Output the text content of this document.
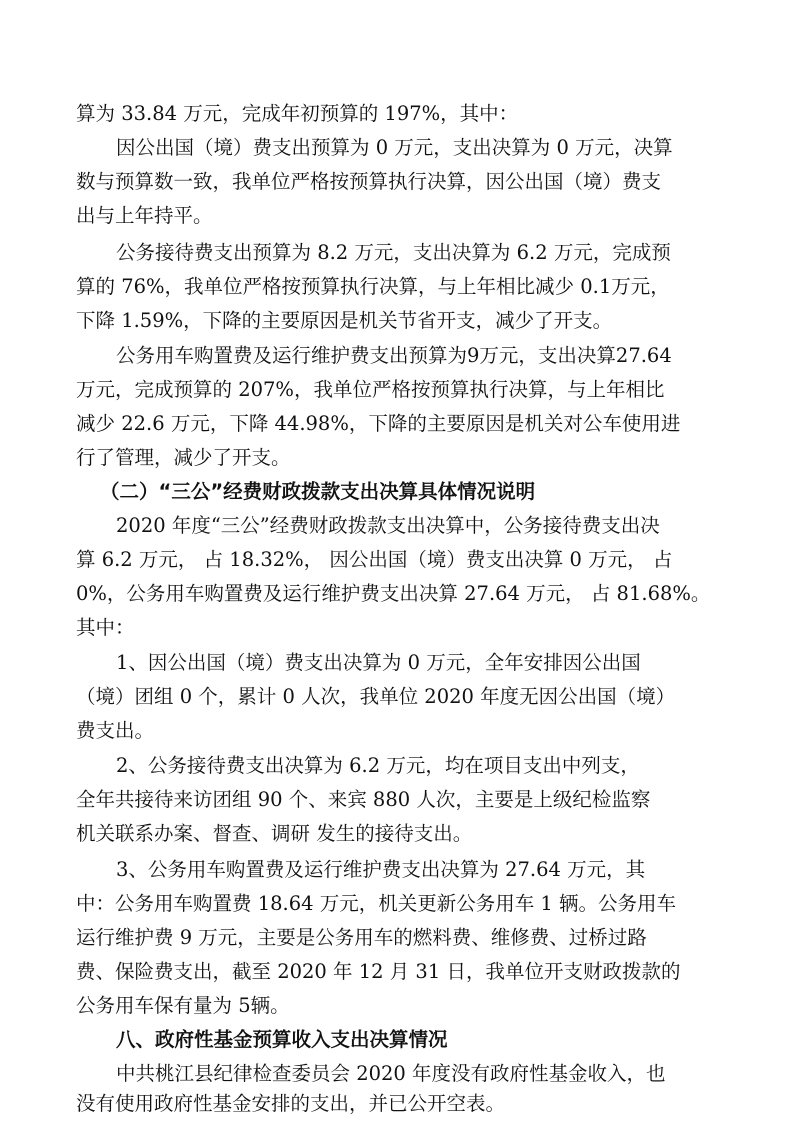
算为 33.84 万元，完成年初预算的 197%，其中：
因公出国（境）费支出预算为 0 万元，支出决算为 0 万元，决算
数与预算数一致，我单位严格按预算执行决算，因公出国（境）费支
出与上年持平。
公务接待费支出预算为 8.2 万元，支出决算为 6.2 万元，完成预
算的 76%，我单位严格按预算执行决算，与上年相比减少 0.1万元，
下降 1.59%，下降的主要原因是机关节省开支，减少了开支。
公务用车购置费及运行维护费支出预算为9万元，支出决算27.64
万元，完成预算的 207%，我单位严格按预算执行决算，与上年相比
减少 22.6 万元，下降 44.98%，下降的主要原因是机关对公车使用进
行了管理，减少了开支。
（二）“三公”经费财政拨款支出决算具体情况说明
2020 年度“三公”经费财政拨款支出决算中，公务接待费支出决
算 6.2 万元， 占 18.32%， 因公出国（境）费支出决算 0 万元， 占
0%，公务用车购置费及运行维护费支出决算 27.64 万元， 占 81.68%。
其中：
1、因公出国（境）费支出决算为 0 万元，全年安排因公出国
（境）团组 0 个，累计 0 人次，我单位 2020 年度无因公出国（境）
费支出。
2、公务接待费支出决算为 6.2 万元，均在项目支出中列支，
全年共接待来访团组 90 个、来宾 880 人次，主要是上级纪检监察
机关联系办案、督查、调研 发生的接待支出。
3、公务用车购置费及运行维护费支出决算为 27.64 万元，其
中：公务用车购置费 18.64 万元，机关更新公务用车 1 辆。公务用车
运行维护费 9 万元，主要是公务用车的燃料费、维修费、过桥过路
费、保险费支出，截至 2020 年 12 月 31 日，我单位开支财政拨款的
公务用车保有量为 5辆。
八、政府性基金预算收入支出决算情况
中共桃江县纪律检查委员会 2020 年度没有政府性基金收入，也
没有使用政府性基金安排的支出，并已公开空表。
